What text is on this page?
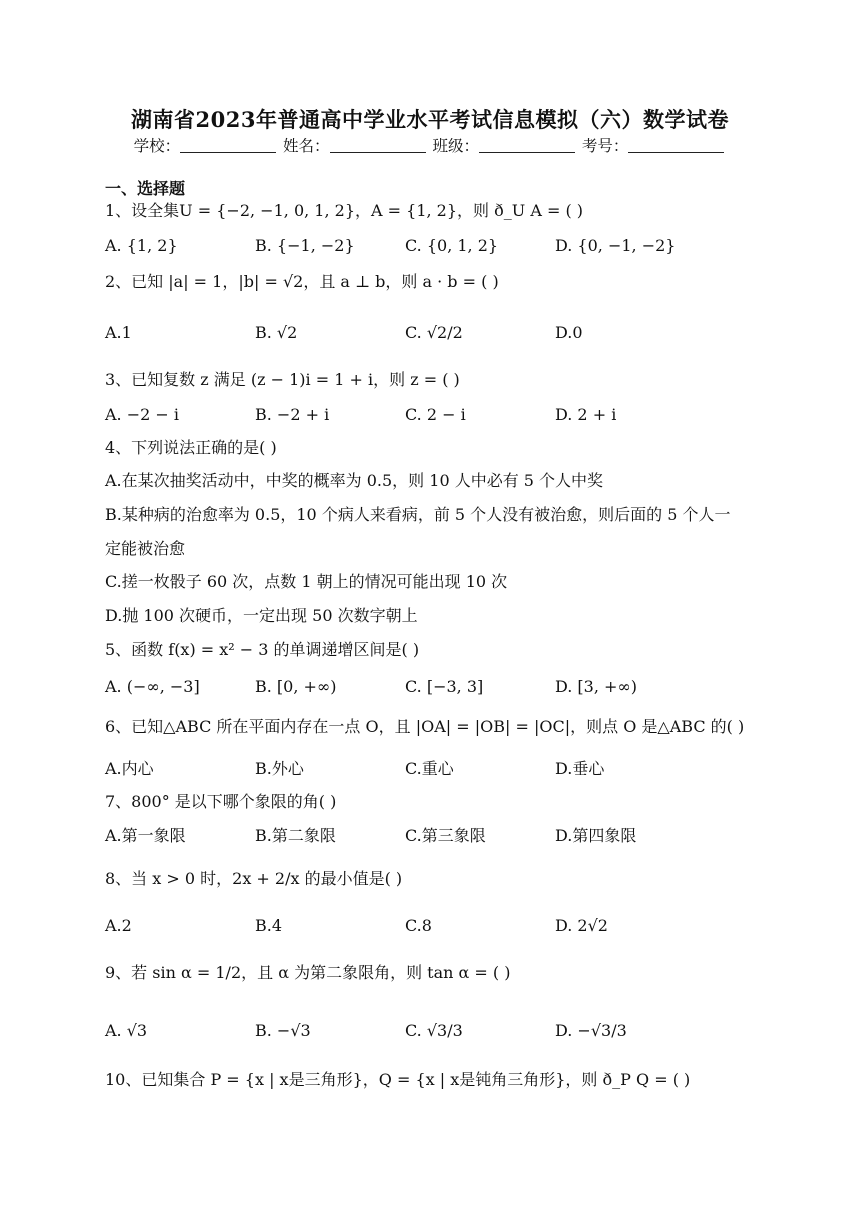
湖南省2023年普通高中学业水平考试信息模拟（六）数学试卷
学校：	姓名：	班级：	考号：
一、选择题
1、设全集U = {−2, −1, 0, 1, 2}，A = {1, 2}，则 ð_U A = ( )
A. {1, 2}	B. {−1, −2}	C. {0, 1, 2}	D. {0, −1, −2}
2、已知 |a| = 1，|b| = √2，且 a ⊥ b，则 a · b = ( )
A.1	B. √2	C. √2/2	D.0
3、已知复数 z 满足 (z − 1)i = 1 + i，则 z = ( )
A. −2 − i	B. −2 + i	C. 2 − i	D. 2 + i
4、下列说法正确的是( )
A.在某次抽奖活动中，中奖的概率为 0.5，则 10 人中必有 5 个人中奖
B.某种病的治愈率为 0.5，10 个病人来看病，前 5 个人没有被治愈，则后面的 5 个人一
定能被治愈
C.搓一枚骰子 60 次，点数 1 朝上的情况可能出现 10 次
D.抛 100 次硬币，一定出现 50 次数字朝上
5、函数 f(x) = x² − 3 的单调递增区间是( )
A. (−∞, −3]	B. [0, +∞)	C. [−3, 3]	D. [3, +∞)
6、已知△ABC 所在平面内存在一点 O，且 |OA| = |OB| = |OC|，则点 O 是△ABC 的( )
A.内心	B.外心	C.重心	D.垂心
7、800° 是以下哪个象限的角( )
A.第一象限	B.第二象限	C.第三象限	D.第四象限
8、当 x > 0 时，2x + 2/x 的最小值是( )
A.2	B.4	C.8	D. 2√2
9、若 sin α = 1/2，且 α 为第二象限角，则 tan α = ( )
A. √3	B. −√3	C. √3/3	D. −√3/3
10、已知集合 P = {x | x是三角形}，Q = {x | x是钝角三角形}，则 ð_P Q = ( )
